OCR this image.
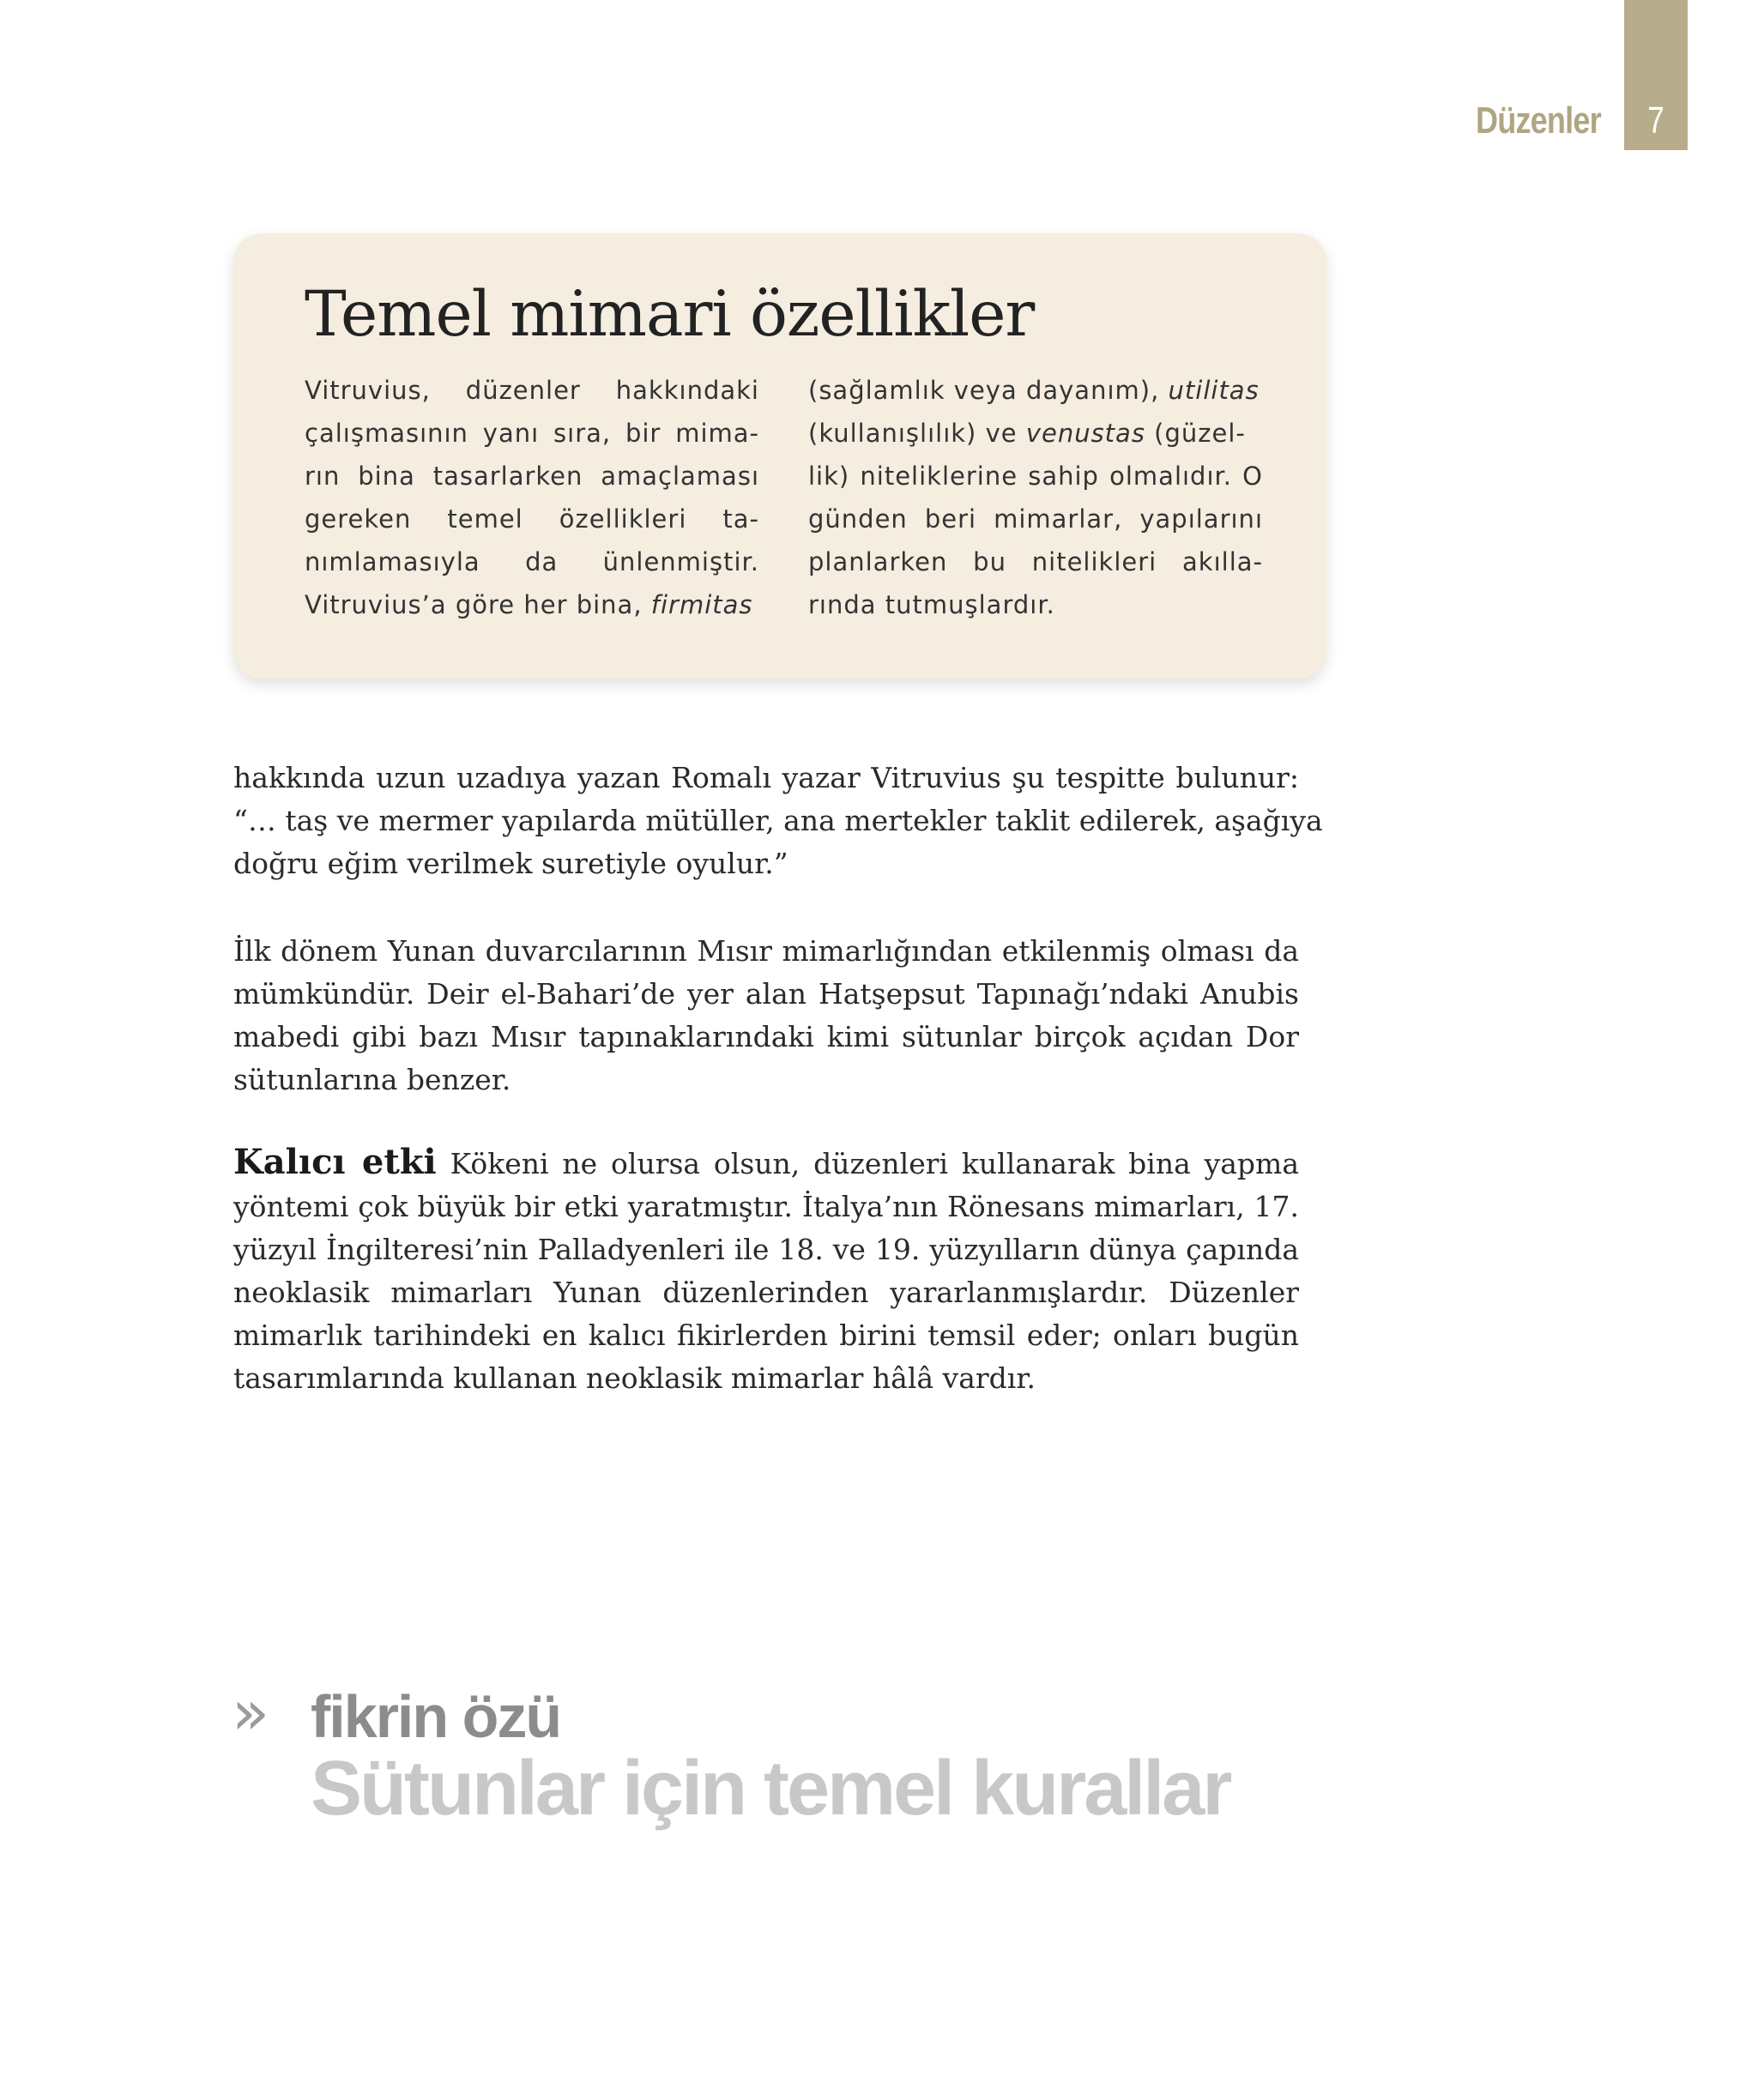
7
Düzenler
Temel mimari özellikler
Vitruvius, düzenler hakkındaki
çalışmasının yanı sıra, bir mima-
rın bina tasarlarken amaçlaması
gereken temel özellikleri ta-
nımlamasıyla da ünlenmiştir.
Vitruvius’a göre her bina, firmitas
(sağlamlık veya dayanım), utilitas
(kullanışlılık) ve venustas (güzel-
lik) niteliklerine sahip olmalıdır. O
günden beri mimarlar, yapılarını
planlarken bu nitelikleri akılla-
rında tutmuşlardır.
hakkında uzun uzadıya yazan Romalı yazar Vitruvius şu tespitte bulunur:
“… taş ve mermer yapılarda mütüller, ana mertekler taklit edilerek, aşağıya
doğru eğim verilmek suretiyle oyulur.”
İlk dönem Yunan duvarcılarının Mısır mimarlığından etkilenmiş olması da
mümkündür. Deir el-Bahari’de yer alan Hatşepsut Tapınağı’ndaki Anubis
mabedi gibi bazı Mısır tapınaklarındaki kimi sütunlar birçok açıdan Dor
sütunlarına benzer.
Kalıcı etki Kökeni ne olursa olsun, düzenleri kullanarak bina yapma
yöntemi çok büyük bir etki yaratmıştır. İtalya’nın Rönesans mimarları, 17.
yüzyıl İngilteresi’nin Palladyenleri ile 18. ve 19. yüzyılların dünya çapında
neoklasik mimarları Yunan düzenlerinden yararlanmışlardır. Düzenler
mimarlık tarihindeki en kalıcı fikirlerden birini temsil eder; onları bugün
tasarımlarında kullanan neoklasik mimarlar hâlâ vardır.
» fikrin özü
Sütunlar için temel kurallar
